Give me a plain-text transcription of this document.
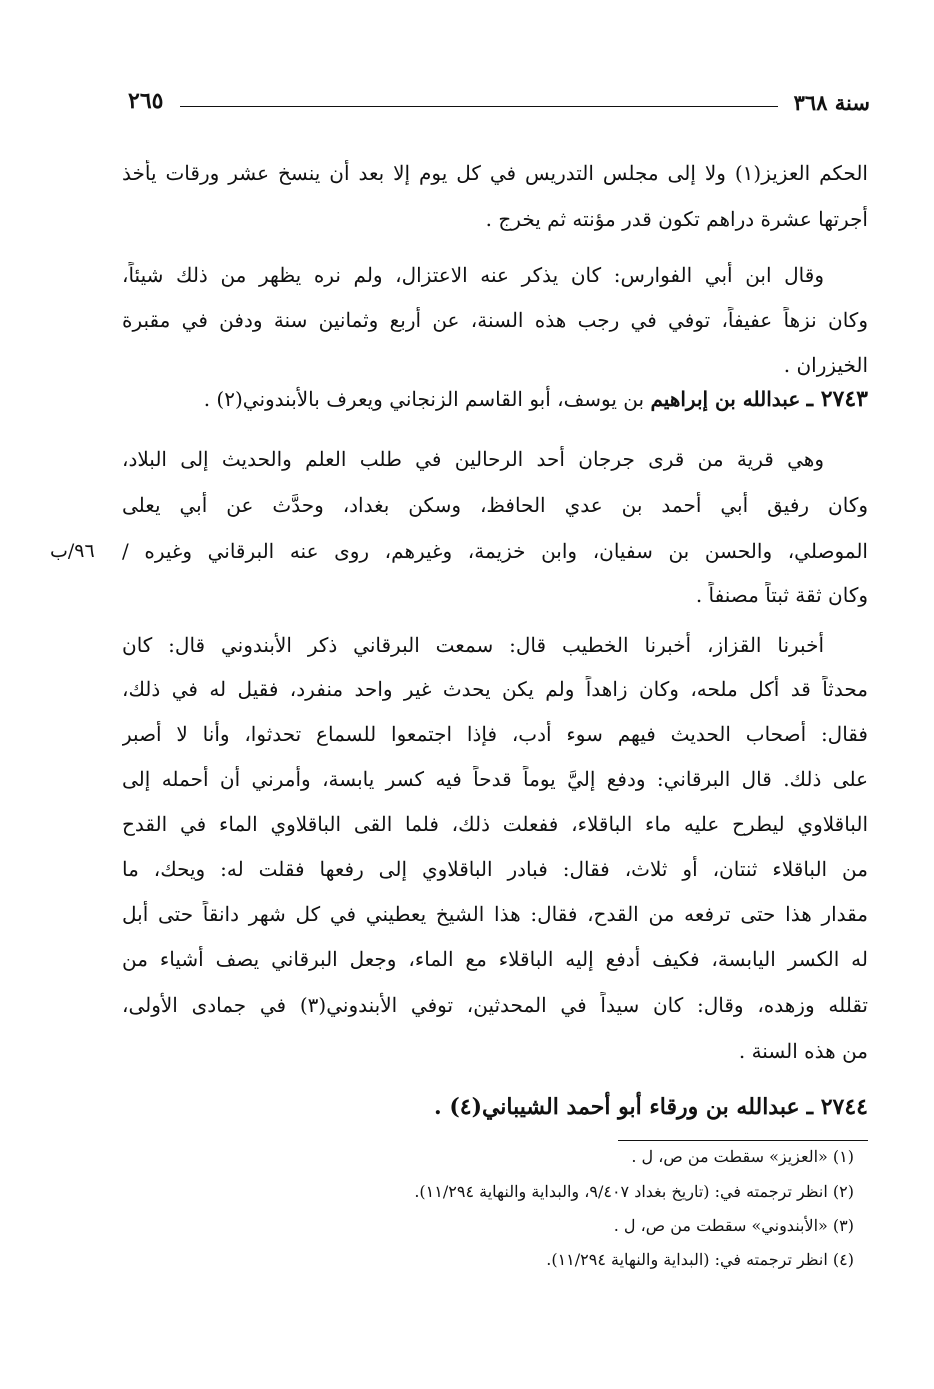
سنة ٣٦٨
٢٦٥
الحكم العزيز(١) ولا إلى مجلس التدريس في كل يوم إلا بعد أن ينسخ عشر ورقات يأخذ
أجرتها عشرة دراهم تكون قدر مؤنته ثم يخرج .
وقال ابن أبي الفوارس: كان يذكر عنه الاعتزال، ولم نره يظهر من ذلك شيئاً،
وكان نزهاً عفيفاً، توفي في رجب هذه السنة، عن أربع وثمانين سنة ودفن في مقبرة
الخيزران .
٢٧٤٣ ـ عبدالله بن إبراهيم بن يوسف، أبو القاسم الزنجاني ويعرف بالأبندوني(٢) .
وهي قرية من قرى جرجان أحد الرحالين في طلب العلم والحديث إلى البلاد،
وكان رفيق أبي أحمد بن عدي الحافظ، وسكن بغداد، وحدَّث عن أبي يعلى
الموصلي، والحسن بن سفيان، وابن خزيمة، وغيرهم، روى عنه البرقاني وغيره /
وكان ثقة ثبتاً مصنفاً .
٩٦/ب
أخبرنا القزاز، أخبرنا الخطيب قال: سمعت البرقاني ذكر الأبندوني قال: كان
محدثاً قد أكل ملحه، وكان زاهداً ولم يكن يحدث غير واحد منفرد، فقيل له في ذلك،
فقال: أصحاب الحديث فيهم سوء أدب، فإذا اجتمعوا للسماع تحدثوا، وأنا لا أصبر
على ذلك. قال البرقاني: ودفع إليَّ يوماً قدحاً فيه كسر يابسة، وأمرني أن أحمله إلى
الباقلاوي ليطرح عليه ماء الباقلاء، ففعلت ذلك، فلما القى الباقلاوي الماء في القدح
من الباقلاء ثنتان، أو ثلاث، فقال: فبادر الباقلاوي إلى رفعها فقلت له: ويحك، ما
مقدار هذا حتى ترفعه من القدح، فقال: هذا الشيخ يعطيني في كل شهر دانقاً حتى أبل
له الكسر اليابسة، فكيف أدفع إليه الباقلاء مع الماء، وجعل البرقاني يصف أشياء من
تقلله وزهده، وقال: كان سيداً في المحدثين، توفي الأبندوني(٣) في جمادى الأولى،
من هذه السنة .
٢٧٤٤ ـ عبدالله بن ورقاء أبو أحمد الشيباني(٤) .
(١) «العزيز» سقطت من ص، ل .
(٢) انظر ترجمته في: (تاريخ بغداد ٩/٤٠٧، والبداية والنهاية ١١/٢٩٤).
(٣) «الأبندوني» سقطت من ص، ل .
(٤) انظر ترجمته في: (البداية والنهاية ١١/٢٩٤).
